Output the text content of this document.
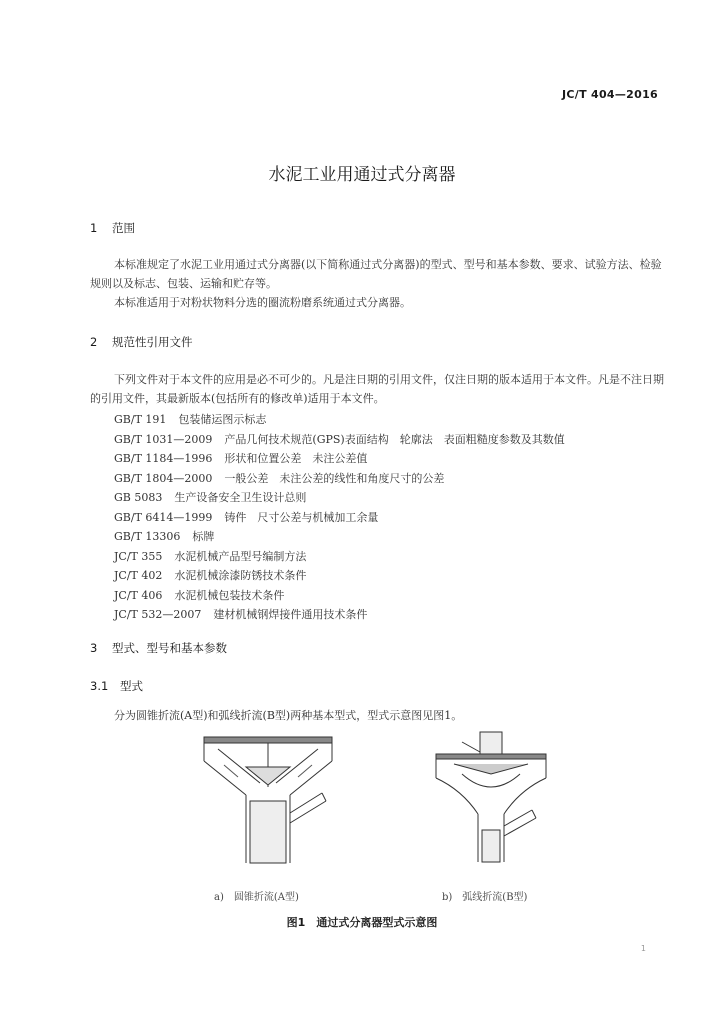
JC/T 404—2016
水泥工业用通过式分离器
1 范围
本标准规定了水泥工业用通过式分离器(以下简称通过式分离器)的型式、型号和基本参数、要求、试验方法、检验规则以及标志、包装、运输和贮存等。
本标准适用于对粉状物料分选的圈流粉磨系统通过式分离器。
2 规范性引用文件
下列文件对于本文件的应用是必不可少的。凡是注日期的引用文件，仅注日期的版本适用于本文件。凡是不注日期的引用文件，其最新版本(包括所有的修改单)适用于本文件。
GB/T 191 包装储运图示标志
GB/T 1031—2009 产品几何技术规范(GPS)表面结构　轮廓法　表面粗糙度参数及其数值
GB/T 1184—1996 形状和位置公差　未注公差值
GB/T 1804—2000 一般公差　未注公差的线性和角度尺寸的公差
GB 5083 生产设备安全卫生设计总则
GB/T 6414—1999 铸件　尺寸公差与机械加工余量
GB/T 13306 标牌
JC/T 355 水泥机械产品型号编制方法
JC/T 402 水泥机械涂漆防锈技术条件
JC/T 406 水泥机械包装技术条件
JC/T 532—2007 建材机械钢焊接件通用技术条件
3 型式、型号和基本参数
3.1 型式
分为圆锥折流(A型)和弧线折流(B型)两种基本型式，型式示意图见图1。
a)　圆锥折流(A型)	b)　弧线折流(B型)
图1　通过式分离器型式示意图
1
